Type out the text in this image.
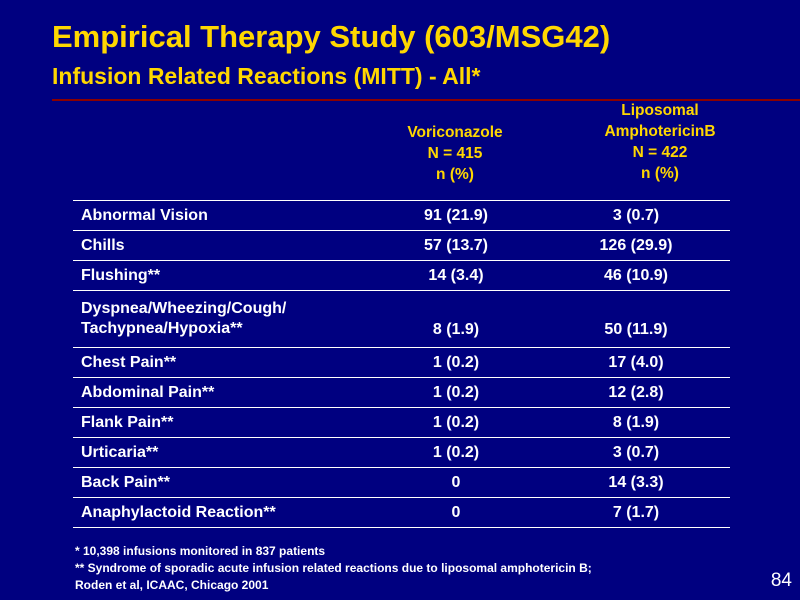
Empirical Therapy Study (603/MSG42)
Infusion Related Reactions (MITT) - All*
Voriconazole
N = 415
n (%)
Liposomal
AmphotericinB
N = 422
n (%)
Abnormal Vision	91 (21.9)	3 (0.7)
Chills	57 (13.7)	126 (29.9)
Flushing**	14 (3.4)	46 (10.9)
Dyspnea/Wheezing/Cough/ Tachypnea/Hypoxia**	8 (1.9)	50 (11.9)
Chest Pain**	1 (0.2)	17 (4.0)
Abdominal Pain**	1 (0.2)	12 (2.8)
Flank Pain**	1 (0.2)	8 (1.9)
Urticaria**	1 (0.2)	3 (0.7)
Back Pain**	0	14 (3.3)
Anaphylactoid Reaction**	0	7 (1.7)
* 10,398 infusions monitored in 837 patients
** Syndrome of sporadic acute infusion related reactions due to liposomal amphotericin B;
Roden et al, ICAAC, Chicago 2001	84
